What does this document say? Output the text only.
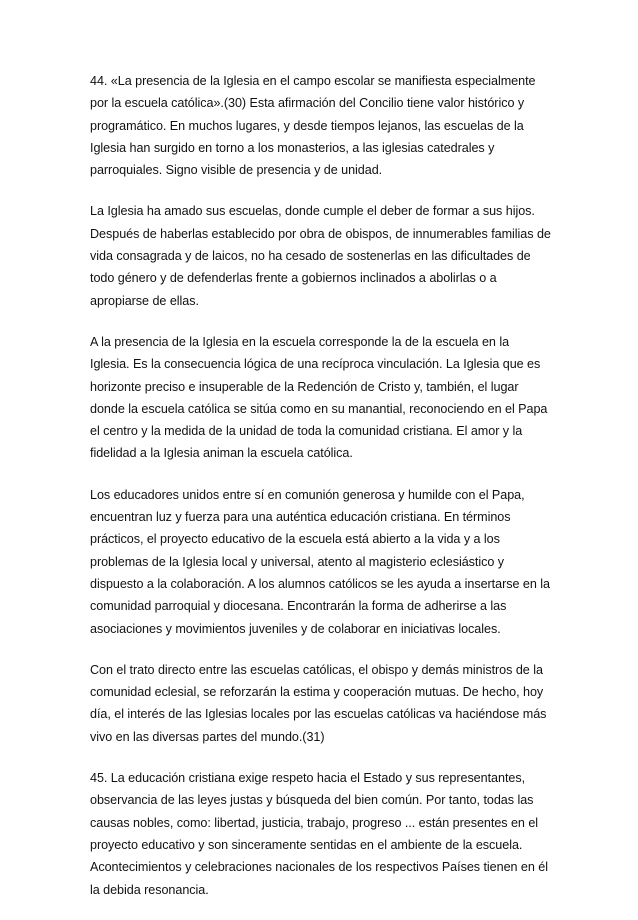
44. «La presencia de la Iglesia en el campo escolar se manifiesta especialmente
por la escuela católica».(30) Esta afirmación del Concilio tiene valor histórico y
programático. En muchos lugares, y desde tiempos lejanos, las escuelas de la
Iglesia han surgido en torno a los monasterios, a las iglesias catedrales y
parroquiales. Signo visible de presencia y de unidad.

La Iglesia ha amado sus escuelas, donde cumple el deber de formar a sus hijos.
Después de haberlas establecido por obra de obispos, de innumerables familias de
vida consagrada y de laicos, no ha cesado de sostenerlas en las dificultades de
todo género y de defenderlas frente a gobiernos inclinados a abolirlas o a
apropiarse de ellas.

A la presencia de la Iglesia en la escuela corresponde la de la escuela en la
Iglesia. Es la consecuencia lógica de una recíproca vinculación. La Iglesia que es
horizonte preciso e insuperable de la Redención de Cristo y, también, el lugar
donde la escuela católica se sitúa como en su manantial, reconociendo en el Papa
el centro y la medida de la unidad de toda la comunidad cristiana. El amor y la
fidelidad a la Iglesia animan la escuela católica.

Los educadores unidos entre sí en comunión generosa y humilde con el Papa,
encuentran luz y fuerza para una auténtica educación cristiana. En términos
prácticos, el proyecto educativo de la escuela está abierto a la vida y a los
problemas de la Iglesia local y universal, atento al magisterio eclesiástico y
dispuesto a la colaboración. A los alumnos católicos se les ayuda a insertarse en la
comunidad parroquial y diocesana. Encontrarán la forma de adherirse a las
asociaciones y movimientos juveniles y de colaborar en iniciativas locales.

Con el trato directo entre las escuelas católicas, el obispo y demás ministros de la
comunidad eclesial, se reforzarán la estima y cooperación mutuas. De hecho, hoy
día, el interés de las Iglesias locales por las escuelas católicas va haciéndose más
vivo en las diversas partes del mundo.(31)

45. La educación cristiana exige respeto hacia el Estado y sus representantes,
observancia de las leyes justas y búsqueda del bien común. Por tanto, todas las
causas nobles, como: libertad, justicia, trabajo, progreso ... están presentes en el
proyecto educativo y son sinceramente sentidas en el ambiente de la escuela.
Acontecimientos y celebraciones nacionales de los respectivos Países tienen en él
la debida resonancia.
